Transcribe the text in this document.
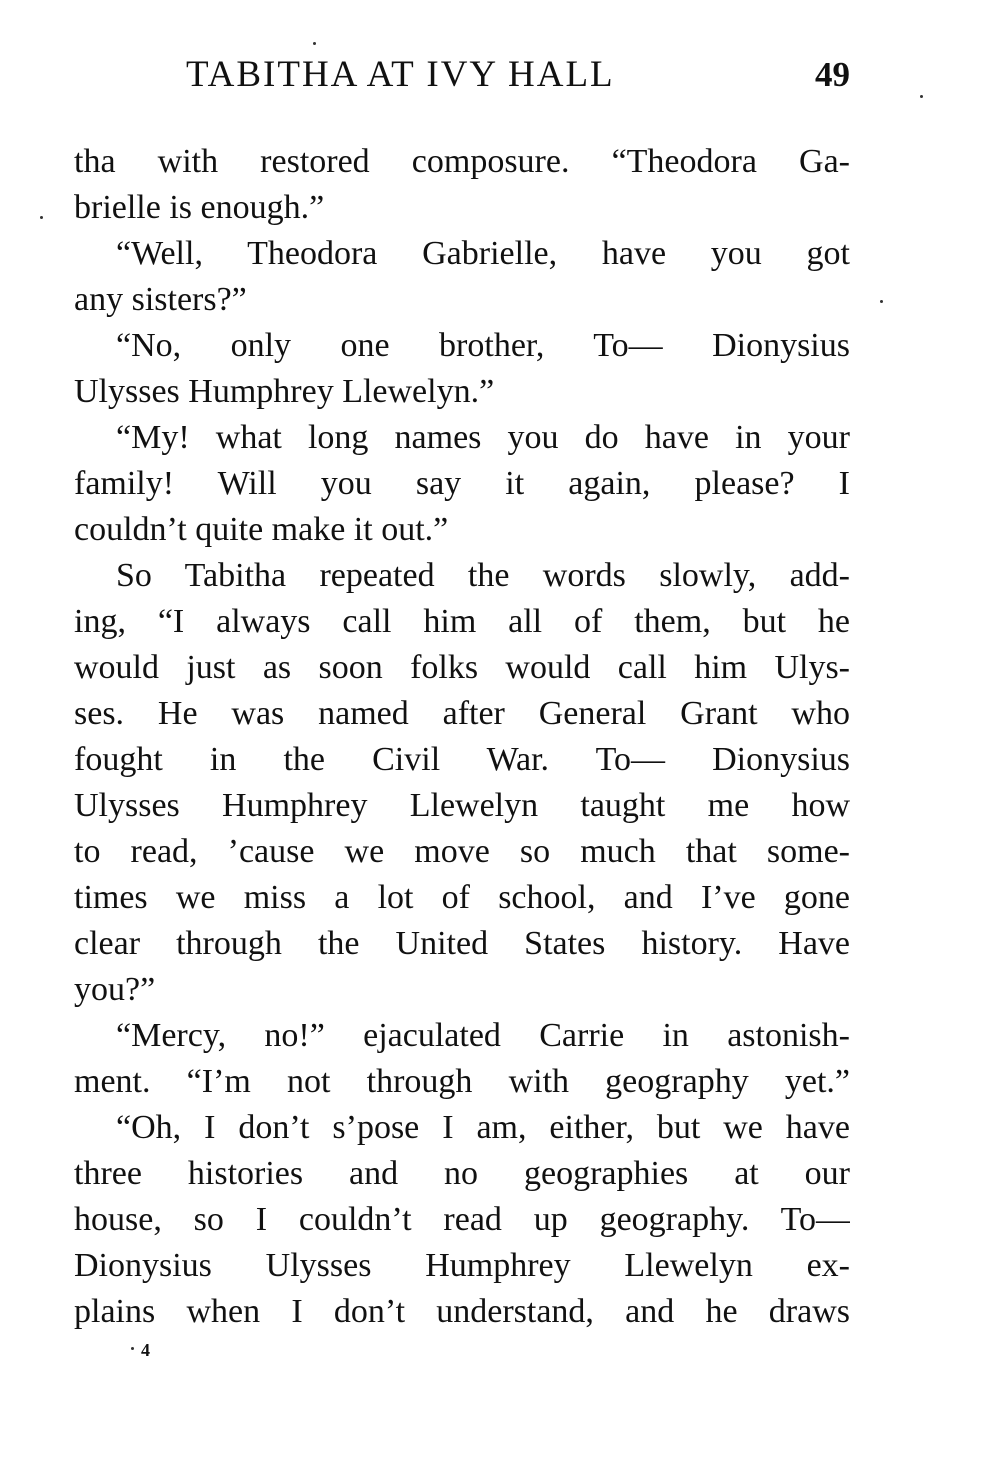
TABITHA AT IVY HALL	49
tha with restored composure. “Theodora Ga-
brielle is enough.”
“Well, Theodora Gabrielle, have you got
any sisters?”
“No, only one brother, To— Dionysius
Ulysses Humphrey Llewelyn.”
“My! what long names you do have in your
family! Will you say it again, please? I
couldn’t quite make it out.”
So Tabitha repeated the words slowly, add-
ing, “I always call him all of them, but he
would just as soon folks would call him Ulys-
ses. He was named after General Grant who
fought in the Civil War. To— Dionysius
Ulysses Humphrey Llewelyn taught me how
to read, ’cause we move so much that some-
times we miss a lot of school, and I’ve gone
clear through the United States history. Have
you?”
“Mercy, no!” ejaculated Carrie in astonish-
ment. “I’m not through with geography yet.”
“Oh, I don’t s’pose I am, either, but we have
three histories and no geographies at our
house, so I couldn’t read up geography. To—
Dionysius Ulysses Humphrey Llewelyn ex-
plains when I don’t understand, and he draws
4
